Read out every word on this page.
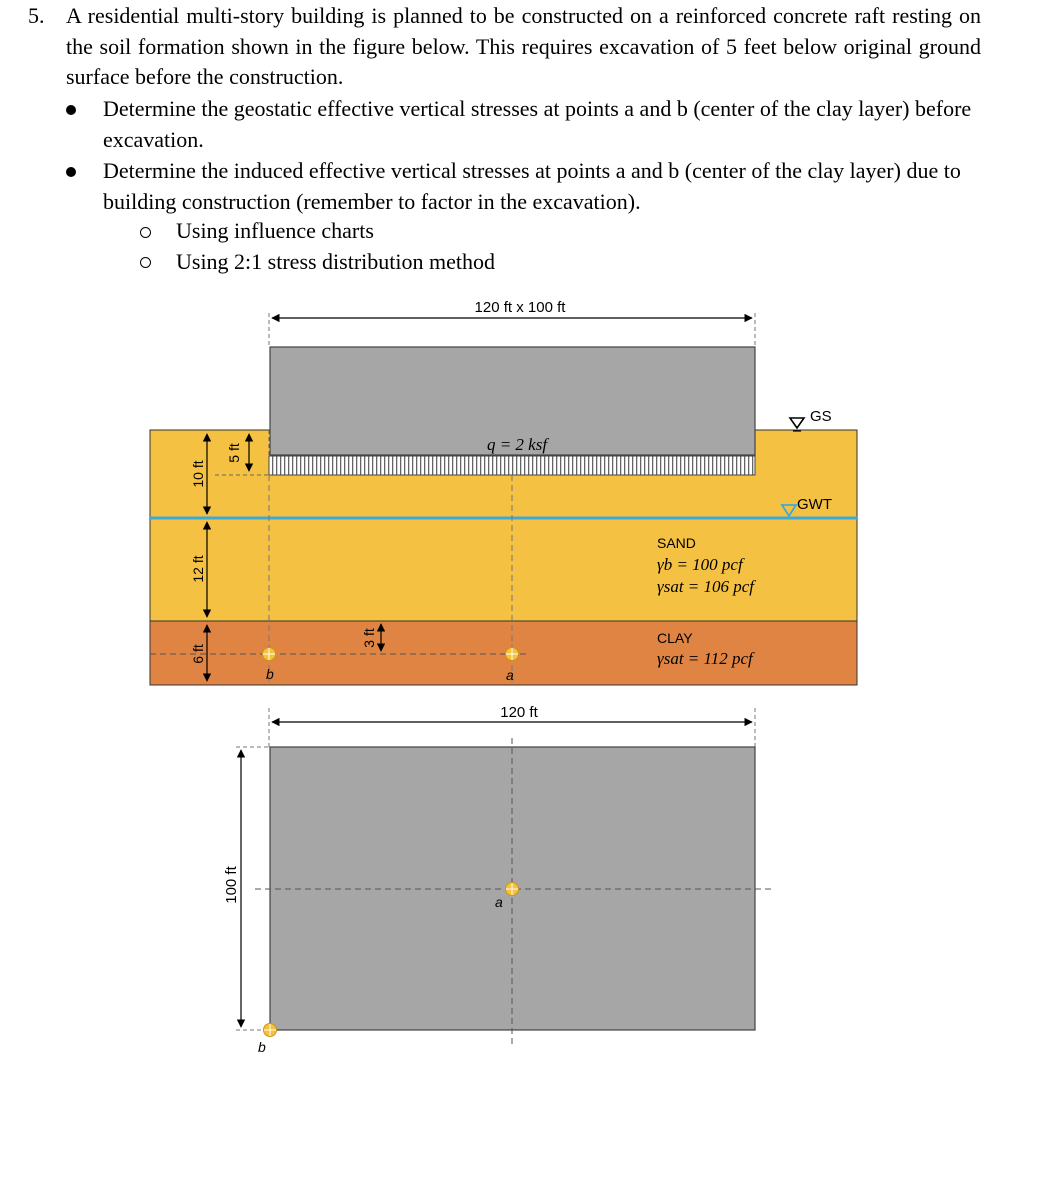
5. A residential multi-story building is planned to be constructed on a reinforced concrete raft resting on the soil formation shown in the figure below. This requires excavation of 5 feet below original ground surface before the construction.
Determine the geostatic effective vertical stresses at points a and b (center of the clay layer) before excavation.
Determine the induced effective vertical stresses at points a and b (center of the clay layer) due to building construction (remember to factor in the excavation).
Using influence charts
Using 2:1 stress distribution method
120 ft x 100 ft
q = 2 ksf
GS
GWT
10 ft
12 ft
6 ft
5 ft
3 ft
b	a
SAND
γb = 100 pcf
γsat = 106 pcf
CLAY
γsat = 112 pcf
120 ft
100 ft	a
b
